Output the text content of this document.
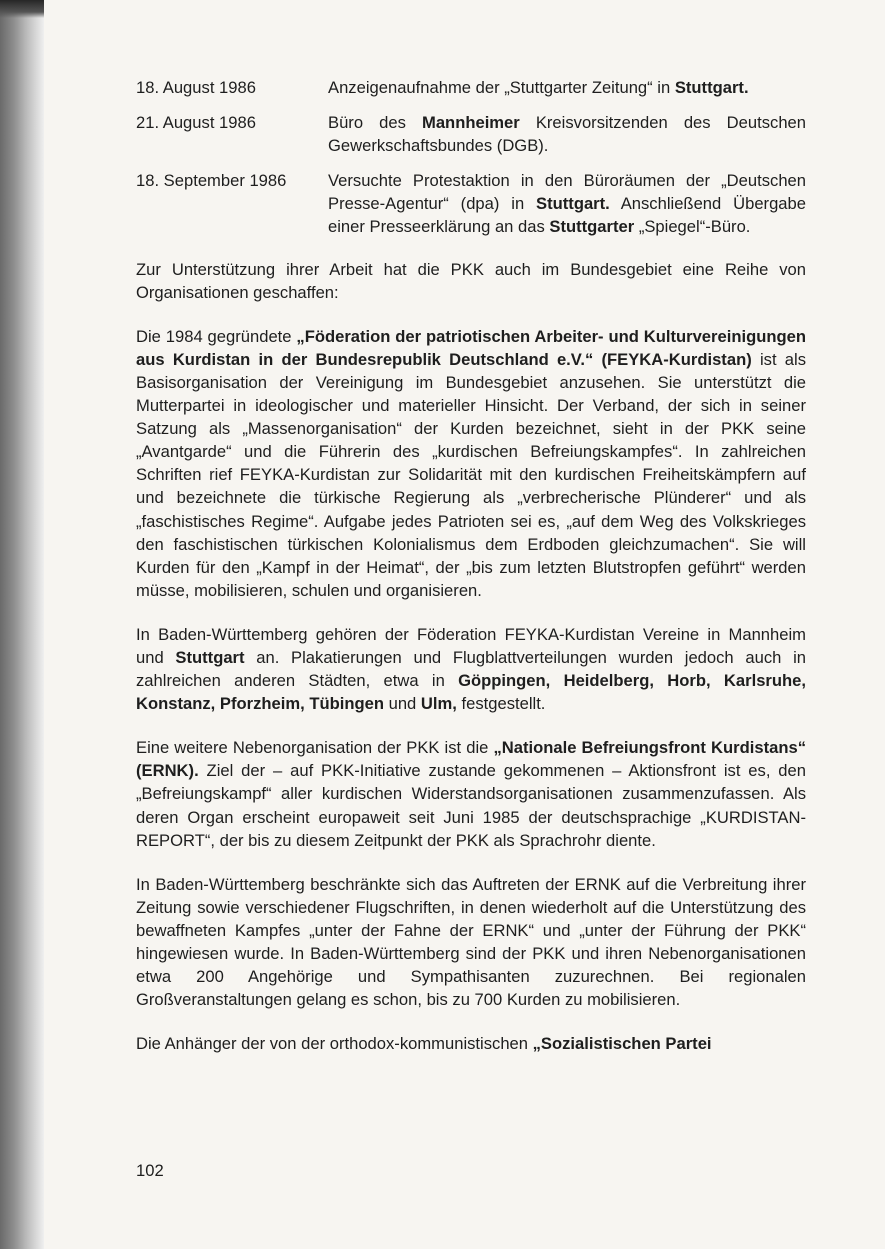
18. August 1986	Anzeigenaufnahme der „Stuttgarter Zeitung“ in Stuttgart.
21. August 1986	Büro des Mannheimer Kreisvorsitzenden des Deutschen Gewerkschaftsbundes (DGB).
18. September 1986	Versuchte Protestaktion in den Büroräumen der „Deutschen Presse-Agentur“ (dpa) in Stuttgart. Anschließend Übergabe einer Presseerklärung an das Stuttgarter „Spiegel“-Büro.

Zur Unterstützung ihrer Arbeit hat die PKK auch im Bundesgebiet eine Reihe von Organisationen geschaffen:

Die 1984 gegründete „Föderation der patriotischen Arbeiter- und Kulturvereinigungen aus Kurdistan in der Bundesrepublik Deutschland e.V.“ (FEYKA-Kurdistan) ist als Basisorganisation der Vereinigung im Bundesgebiet anzusehen. Sie unterstützt die Mutterpartei in ideologischer und materieller Hinsicht. Der Verband, der sich in seiner Satzung als „Massenorganisation“ der Kurden bezeichnet, sieht in der PKK seine „Avantgarde“ und die Führerin des „kurdischen Befreiungskampfes“. In zahlreichen Schriften rief FEYKA-Kurdistan zur Solidarität mit den kurdischen Freiheitskämpfern auf und bezeichnete die türkische Regierung als „verbrecherische Plünderer“ und als „faschistisches Regime“. Aufgabe jedes Patrioten sei es, „auf dem Weg des Volkskrieges den faschistischen türkischen Kolonialismus dem Erdboden gleichzumachen“. Sie will Kurden für den „Kampf in der Heimat“, der „bis zum letzten Blutstropfen geführt“ werden müsse, mobilisieren, schulen und organisieren.

In Baden-Württemberg gehören der Föderation FEYKA-Kurdistan Vereine in Mannheim und Stuttgart an. Plakatierungen und Flugblattverteilungen wurden jedoch auch in zahlreichen anderen Städten, etwa in Göppingen, Heidelberg, Horb, Karlsruhe, Konstanz, Pforzheim, Tübingen und Ulm, festgestellt.

Eine weitere Nebenorganisation der PKK ist die „Nationale Befreiungsfront Kurdistans“ (ERNK). Ziel der – auf PKK-Initiative zustande gekommenen – Aktionsfront ist es, den „Befreiungskampf“ aller kurdischen Widerstandsorganisationen zusammenzufassen. Als deren Organ erscheint europaweit seit Juni 1985 der deutschsprachige „KURDISTAN-REPORT“, der bis zu diesem Zeitpunkt der PKK als Sprachrohr diente.

In Baden-Württemberg beschränkte sich das Auftreten der ERNK auf die Verbreitung ihrer Zeitung sowie verschiedener Flugschriften, in denen wiederholt auf die Unterstützung des bewaffneten Kampfes „unter der Fahne der ERNK“ und „unter der Führung der PKK“ hingewiesen wurde. In Baden-Württemberg sind der PKK und ihren Nebenorganisationen etwa 200 Angehörige und Sympathisanten zuzurechnen. Bei regionalen Großveranstaltungen gelang es schon, bis zu 700 Kurden zu mobilisieren.

Die Anhänger der von der orthodox-kommunistischen „Sozialistischen Partei

102
